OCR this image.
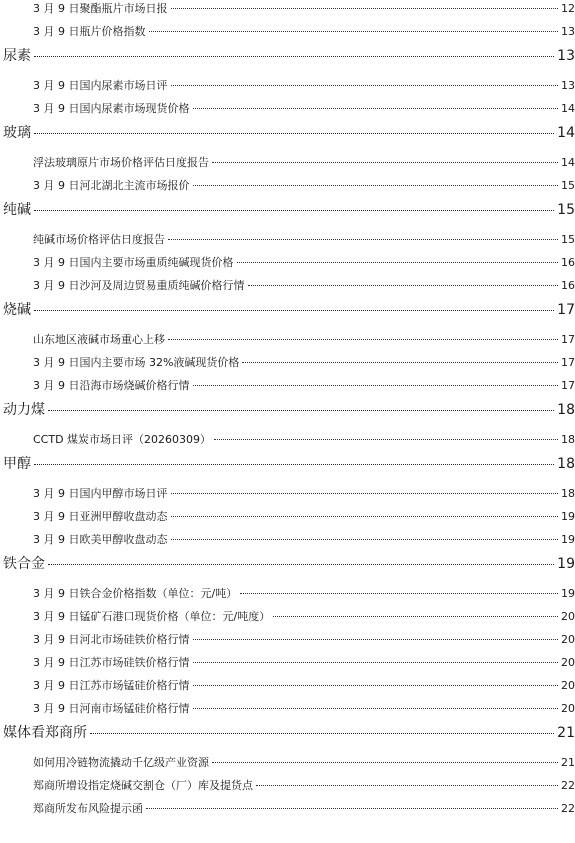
3 月 9 日聚酯瓶片市场日报	12
3 月 9 日瓶片价格指数	13
尿素	13
3 月 9 日国内尿素市场日评	13
3 月 9 日国内尿素市场现货价格	14
玻璃	14
浮法玻璃原片市场价格评估日度报告	14
3 月 9 日河北湖北主流市场报价	15
纯碱	15
纯碱市场价格评估日度报告	15
3 月 9 日国内主要市场重质纯碱现货价格	16
3 月 9 日沙河及周边贸易重质纯碱价格行情	16
烧碱	17
山东地区液碱市场重心上移	17
3 月 9 日国内主要市场 32%液碱现货价格	17
3 月 9 日沿海市场烧碱价格行情	17
动力煤	18
CCTD 煤炭市场日评（20260309）	18
甲醇	18
3 月 9 日国内甲醇市场日评	18
3 月 9 日亚洲甲醇收盘动态	19
3 月 9 日欧美甲醇收盘动态	19
铁合金	19
3 月 9 日铁合金价格指数（单位：元/吨）	19
3 月 9 日锰矿石港口现货价格（单位：元/吨度）	20
3 月 9 日河北市场硅铁价格行情	20
3 月 9 日江苏市场硅铁价格行情	20
3 月 9 日江苏市场锰硅价格行情	20
3 月 9 日河南市场锰硅价格行情	20
媒体看郑商所	21
如何用冷链物流撬动千亿级产业资源	21
郑商所增设指定烧碱交割仓（厂）库及提货点	22
郑商所发布风险提示函	22
